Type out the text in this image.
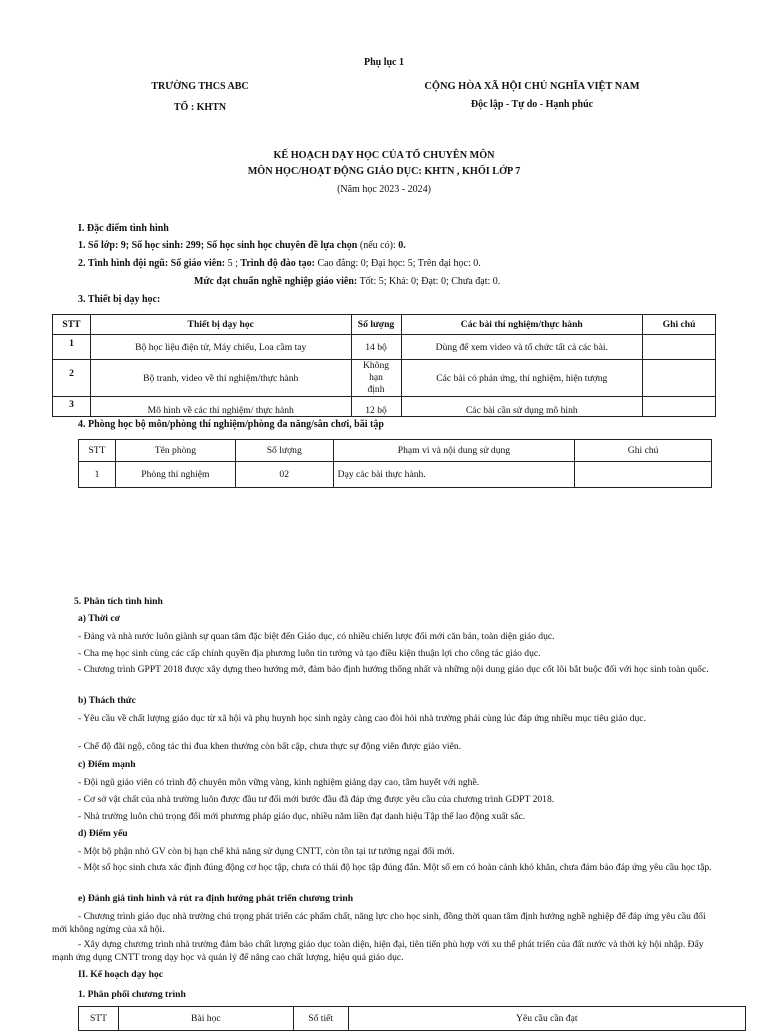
Phụ lục 1
TRƯỜNG THCS ABC
TỔ : KHTN
CỘNG HÒA XÃ HỘI CHỦ NGHĨA VIỆT NAM
Độc lập - Tự do - Hạnh phúc
KẾ HOẠCH DẠY HỌC CỦA TỔ CHUYÊN MÔN
MÔN HỌC/HOẠT ĐỘNG GIÁO DỤC: KHTN , KHỐI LỚP 7
(Năm học 2023 - 2024)
I. Đặc điểm tình hình
1. Số lớp: 9; Số học sinh: 299; Số học sinh học chuyên đề lựa chọn (nếu có): 0.
2. Tình hình đội ngũ: Số giáo viên: 5 ; Trình độ đào tạo: Cao đẳng: 0; Đại học: 5; Trên đại học: 0.
Mức đạt chuẩn nghề nghiệp giáo viên: Tốt: 5; Khá: 0; Đạt: 0; Chưa đạt: 0.
3. Thiết bị dạy học:
STT	Thiết bị dạy học	Số lượng	Các bài thí nghiệm/thực hành	Ghi chú
1	Bộ học liệu điện tử, Máy chiếu, Loa cầm tay	14 bộ	Dùng để xem video và tổ chức tất cả các bài.	
2	Bộ tranh, video về thí nghiệm/thực hành	Không hạn định	Các bài có phản ứng, thí nghiệm, hiện tượng	
3	Mô hình về các thí nghiệm/ thực hành	12 bộ	Các bài cần sử dụng mô hình	
4. Phòng học bộ môn/phòng thí nghiệm/phòng đa năng/sân chơi, bãi tập
STT	Tên phòng	Số lượng	Phạm vi và nội dung sử dụng	Ghi chú
1	Phòng thí nghiệm	02	Dạy các bài thực hành.	
5. Phân tích tình hình
a) Thời cơ
- Đảng và nhà nước luôn giành sự quan tâm đặc biệt đến Giáo dục, có nhiều chiến lược đổi mới căn bản, toàn diện giáo dục.
- Cha mẹ học sinh cùng các cấp chính quyền địa phương luôn tin tưởng và tạo điều kiện thuận lợi cho công tác giáo dục.
- Chương trình GPPT 2018 được xây dựng theo hướng mở, đảm bảo định hướng thống nhất và những nội dung giáo dục cốt lõi bắt buộc đối với học sinh toàn quốc.
b) Thách thức
- Yêu cầu về chất lượng giáo dục từ xã hội và phụ huynh học sinh ngày càng cao đòi hỏi nhà trường phải cùng lúc đáp ứng nhiều mục tiêu giáo dục.
- Chế độ đãi ngộ, công tác thi đua khen thưởng còn bất cập, chưa thực sự động viên được giáo viên.
c) Điểm mạnh
- Đội ngũ giáo viên có trình độ chuyên môn vững vàng, kinh nghiệm giảng dạy cao, tâm huyết với nghề.
- Cơ sở vật chất của nhà trường luôn được đầu tư đổi mới bước đầu đã đáp ứng được yêu cầu của chương trình GDPT 2018.
- Nhà trường luôn chú trọng đổi mới phương pháp giáo dục, nhiều năm liền đạt danh hiệu Tập thể lao động xuất sắc.
d) Điểm yếu
- Một bộ phận nhỏ GV còn bị hạn chế khả năng sử dụng CNTT, còn tồn tại tư tưởng ngại đổi mới.
- Một số học sinh chưa xác định đúng động cơ học tập, chưa có thái độ học tập đúng đắn. Một số em có hoàn cảnh khó khăn, chưa đảm bảo đáp ứng yêu cầu học tập.
e) Đánh giá tình hình và rút ra định hướng phát triển chương trình
- Chương trình giáo dục nhà trường chú trọng phát triển các phẩm chất, năng lực cho học sinh, đồng thời quan tâm định hướng nghề nghiệp để đáp ứng yêu cầu đổi mới không ngừng của xã hội.
- Xây dựng chương trình nhà trường đảm bảo chất lượng giáo dục toàn diện, hiện đại, tiên tiến phù hợp với xu thế phát triển của đất nước và thời kỳ hội nhập. Đẩy mạnh ứng dụng CNTT trong dạy học và quản lý để nâng cao chất lượng, hiệu quả giáo dục.
II. Kế hoạch dạy học
1. Phân phối chương trình
STT	Bài học	Số tiết	Yêu cầu cần đạt
